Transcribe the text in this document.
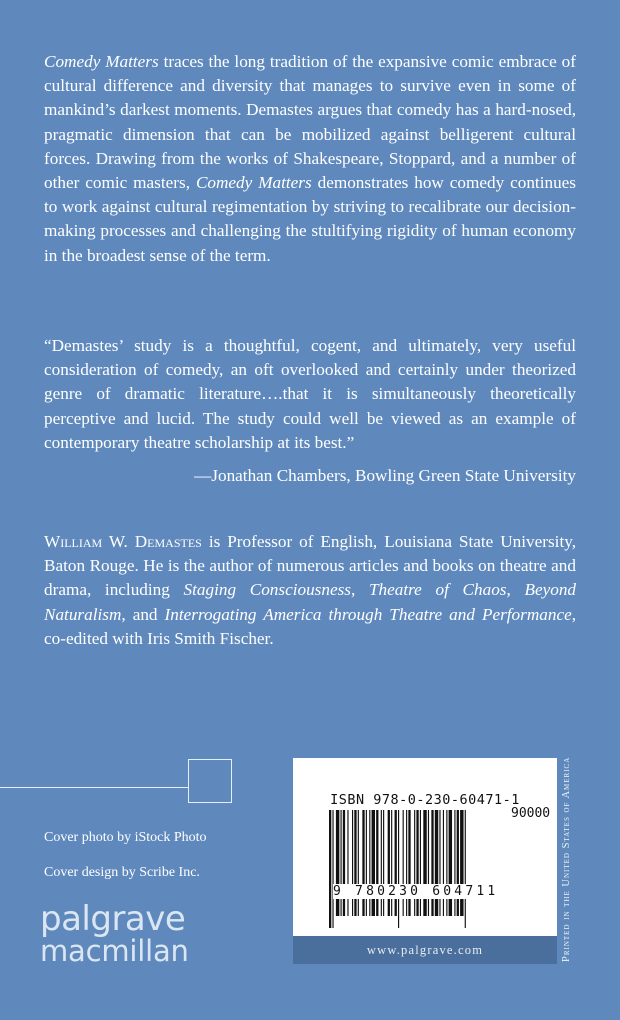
Comedy Matters traces the long tradition of the expansive comic embrace of cultural difference and diversity that manages to survive even in some of mankind’s darkest moments. Demastes argues that comedy has a hard-nosed, pragmatic dimension that can be mobilized against belligerent cultural forces. Drawing from the works of Shakespeare, Stoppard, and a number of other comic masters, Comedy Matters demonstrates how comedy continues to work against cultural regimentation by striving to recalibrate our decision-making processes and challenging the stultifying rigidity of human economy in the broadest sense of the term.

“Demastes’ study is a thoughtful, cogent, and ultimately, very useful consideration of comedy, an oft overlooked and certainly under theorized genre of dramatic literature….that it is simultaneously theoretically perceptive and lucid. The study could well be viewed as an example of contemporary theatre scholarship at its best.”

—Jonathan Chambers, Bowling Green State University

William W. Demastes is Professor of English, Louisiana State University, Baton Rouge. He is the author of numerous articles and books on theatre and drama, including Staging Consciousness, Theatre of Chaos, Beyond Naturalism, and Interrogating America through Theatre and Performance, co-edited with Iris Smith Fischer.

Cover photo by iStock Photo
Cover design by Scribe Inc.
palgrave
macmillan
ISBN 978-0-230-60471-1
90000
9 780230 604711
www.palgrave.com	Printed in the United States of America
